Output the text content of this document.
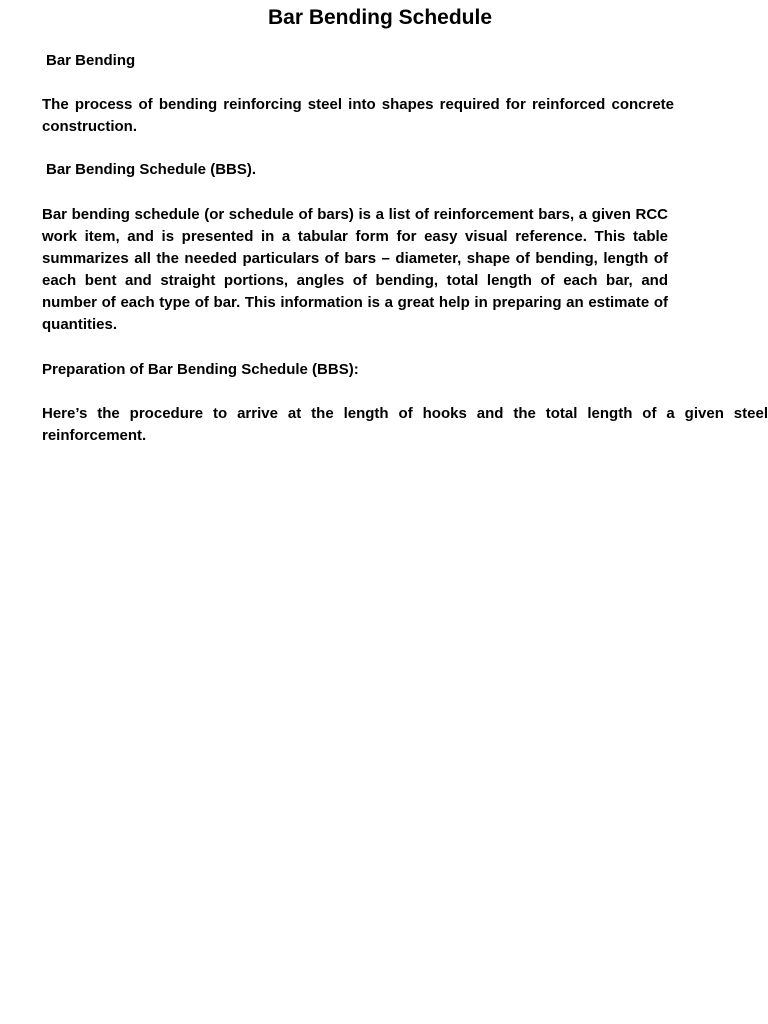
Bar Bending Schedule

Bar Bending

The process of bending reinforcing steel into shapes required for reinforced concrete construction.

Bar Bending Schedule (BBS).

Bar bending schedule (or schedule of bars) is a list of reinforcement bars, a given RCC work item, and is presented in a tabular form for easy visual reference. This table summarizes all the needed particulars of bars – diameter, shape of bending, length of each bent and straight portions, angles of bending, total length of each bar, and number of each type of bar. This information is a great help in preparing an estimate of quantities.

Preparation of Bar Bending Schedule (BBS):

Here’s the procedure to arrive at the length of hooks and the total length of a given steel reinforcement.
